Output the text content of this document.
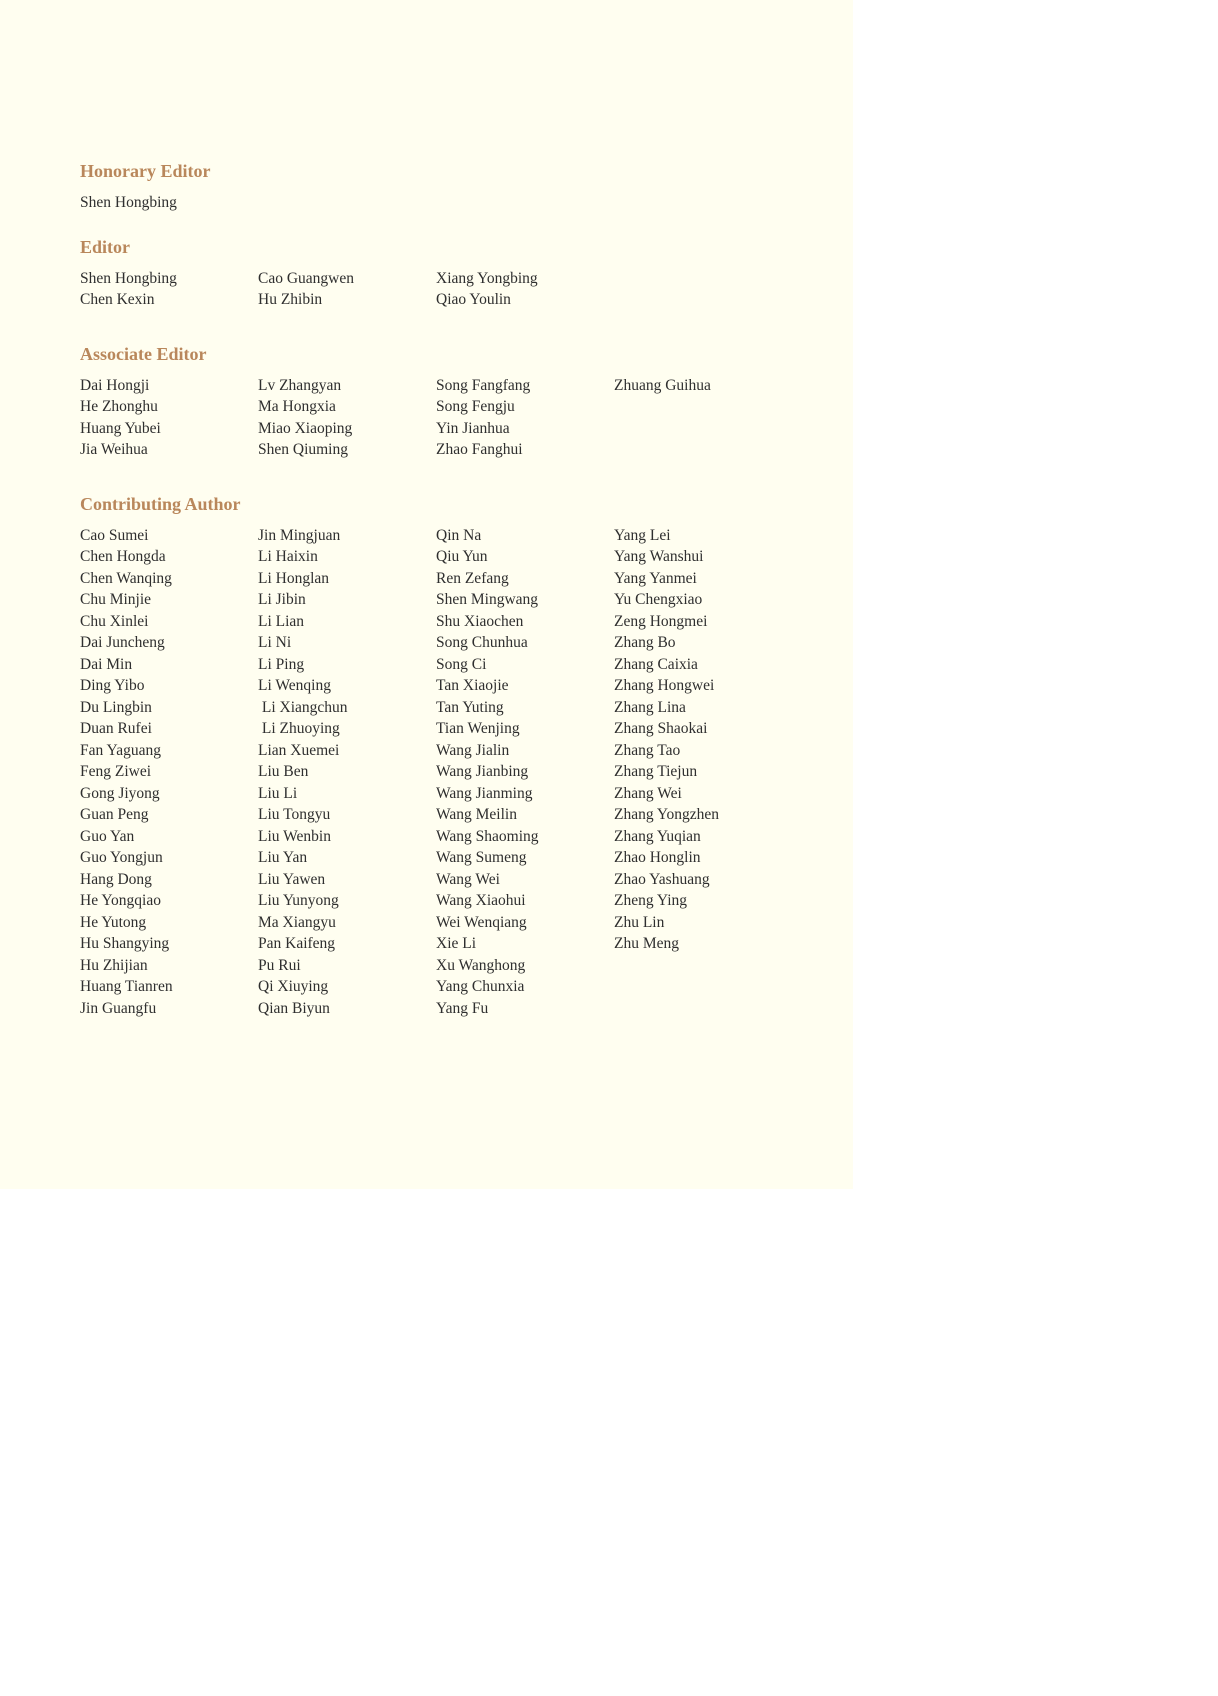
Honorary Editor
Shen Hongbing
Editor
Shen Hongbing	Cao Guangwen	Xiang Yongbing
Chen Kexin	Hu Zhibin	Qiao Youlin
Associate Editor
Dai Hongji	Lv Zhangyan	Song Fangfang	Zhuang Guihua
He Zhonghu	Ma Hongxia	Song Fengju
Huang Yubei	Miao Xiaoping	Yin Jianhua
Jia Weihua	Shen Qiuming	Zhao Fanghui
Contributing Author
Cao Sumei	Jin Mingjuan	Qin Na	Yang Lei
Chen Hongda	Li Haixin	Qiu Yun	Yang Wanshui
Chen Wanqing	Li Honglan	Ren Zefang	Yang Yanmei
Chu Minjie	Li Jibin	Shen Mingwang	Yu Chengxiao
Chu Xinlei	Li Lian	Shu Xiaochen	Zeng Hongmei
Dai Juncheng	Li Ni	Song Chunhua	Zhang Bo
Dai Min	Li Ping	Song Ci	Zhang Caixia
Ding Yibo	Li Wenqing	Tan Xiaojie	Zhang Hongwei
Du Lingbin	Li Xiangchun	Tan Yuting	Zhang Lina
Duan Rufei	Li Zhuoying	Tian Wenjing	Zhang Shaokai
Fan Yaguang	Lian Xuemei	Wang Jialin	Zhang Tao
Feng Ziwei	Liu Ben	Wang Jianbing	Zhang Tiejun
Gong Jiyong	Liu Li	Wang Jianming	Zhang Wei
Guan Peng	Liu Tongyu	Wang Meilin	Zhang Yongzhen
Guo Yan	Liu Wenbin	Wang Shaoming	Zhang Yuqian
Guo Yongjun	Liu Yan	Wang Sumeng	Zhao Honglin
Hang Dong	Liu Yawen	Wang Wei	Zhao Yashuang
He Yongqiao	Liu Yunyong	Wang Xiaohui	Zheng Ying
He Yutong	Ma Xiangyu	Wei Wenqiang	Zhu Lin
Hu Shangying	Pan Kaifeng	Xie Li	Zhu Meng
Hu Zhijian	Pu Rui	Xu Wanghong
Huang Tianren	Qi Xiuying	Yang Chunxia
Jin Guangfu	Qian Biyun	Yang Fu
